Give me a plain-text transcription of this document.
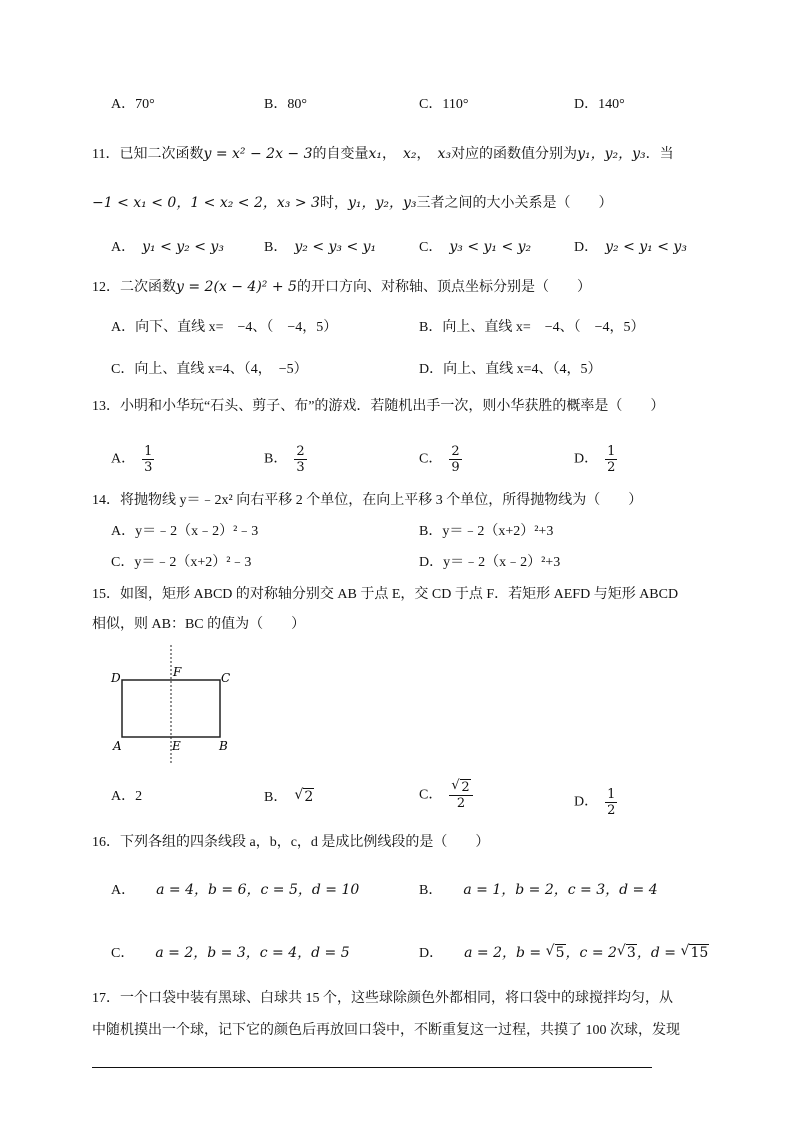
A．70°	B．80°	C．110°	D．140°
11．已知二次函数y = x² − 2x − 3的自变量x₁，　x₂，　x₃对应的函数值分别为y₁，y₂，y₃．当
−1 < x₁ < 0，1 < x₂ < 2，x₃ > 3时，y₁，y₂，y₃三者之间的大小关系是（　　）
A．　 y₁ < y₂ < y₃	B．　 y₂ < y₃ < y₁	C．　 y₃ < y₁ < y₂	D．　 y₂ < y₁ < y₃
12．二次函数y = 2(x − 4)² + 5的开口方向、对称轴、顶点坐标分别是（　　）
A．向下、直线 x=　−4、（　−4，5）	B．向上、直线 x=　−4、（　−4，5）
C．向上、直线 x=4、（4，　−5）	D．向上、直线 x=4、（4，5）
13．小明和小华玩“石头、剪子、布”的游戏．若随机出手一次，则小华获胜的概率是（　　）
A．　 $\frac{1}{3}$	B．　 $\frac{2}{3}$	C．　 $\frac{2}{9}$	D．　 $\frac{1}{2}$
14．将抛物线 y＝﹣2x² 向右平移 2 个单位，在向上平移 3 个单位，所得抛物线为（　　）
A．y＝﹣2（x﹣2）²﹣3	B．y＝﹣2（x+2）²+3
C．y＝﹣2（x+2）²﹣3	D．y＝﹣2（x﹣2）²+3
15．如图，矩形 ABCD 的对称轴分别交 AB 于点 E，交 CD 于点 F．若矩形 AEFD 与矩形 ABCD
相似，则 AB：BC 的值为（　　）
D	F	C
A	E	B
A．2	B．　 √ 2	C．　 √ $\frac{2}{2}$	D．　 $\frac{1}{2}$
16．下列各组的四条线段 a，b，c，d 是成比例线段的是（　　）
A．　　 a = 4，b = 6，c = 5，d = 10	B．　　 a = 1，b = 2，c = 3，d = 4
C．　　 a = 2，b = 3，c = 4，d = 5	D．　　 a = 2，b = √ 5，c = 2 √ 3，d = √ 15
17．一个口袋中装有黑球、白球共 15 个，这些球除颜色外都相同，将口袋中的球搅拌均匀，从
中随机摸出一个球，记下它的颜色后再放回口袋中，不断重复这一过程，共摸了 100 次球，发现
